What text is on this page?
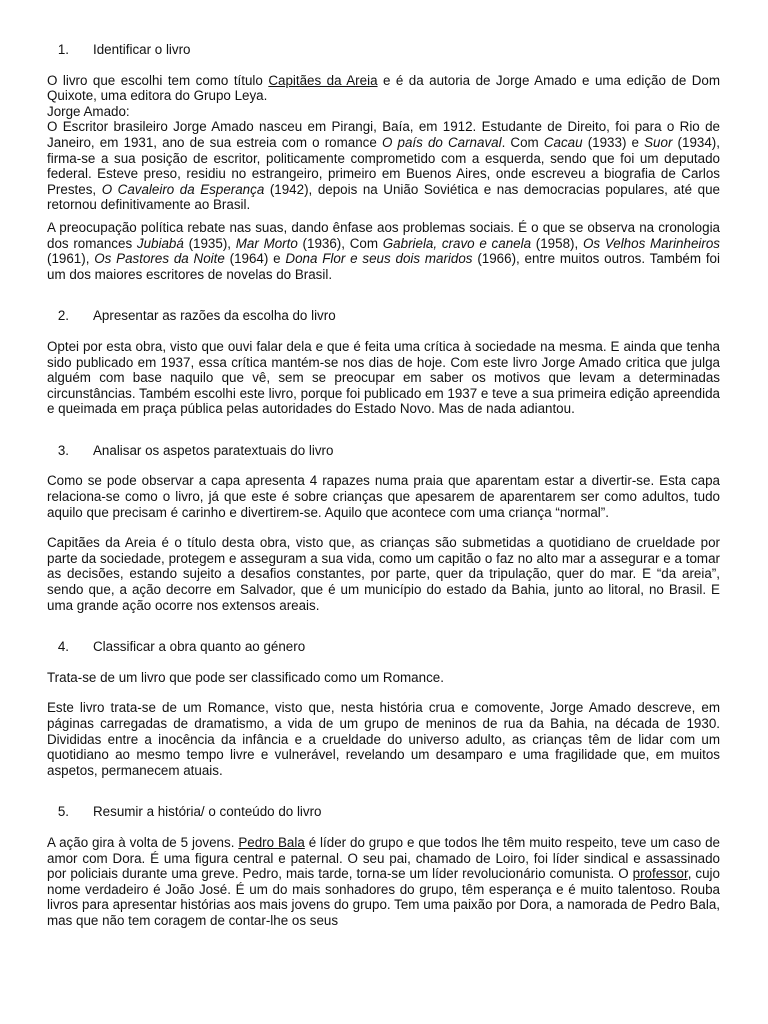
1. Identificar o livro

O livro que escolhi tem como título Capitães da Areia e é da autoria de Jorge Amado e uma edição de Dom Quixote, uma editora do Grupo Leya.

Jorge Amado:

O Escritor brasileiro Jorge Amado nasceu em Pirangi, Baía, em 1912. Estudante de Direito, foi para o Rio de Janeiro, em 1931, ano de sua estreia com o romance O país do Carnaval. Com Cacau (1933) e Suor (1934), firma-se a sua posição de escritor, politicamente comprometido com a esquerda, sendo que foi um deputado federal. Esteve preso, residiu no estrangeiro, primeiro em Buenos Aires, onde escreveu a biografia de Carlos Prestes, O Cavaleiro da Esperança (1942), depois na União Soviética e nas democracias populares, até que retornou definitivamente ao Brasil.

A preocupação política rebate nas suas, dando ênfase aos problemas sociais. É o que se observa na cronologia dos romances Jubiabá (1935), Mar Morto (1936), Com Gabriela, cravo e canela (1958), Os Velhos Marinheiros (1961), Os Pastores da Noite (1964) e Dona Flor e seus dois maridos (1966), entre muitos outros. Também foi um dos maiores escritores de novelas do Brasil.

2. Apresentar as razões da escolha do livro

Optei por esta obra, visto que ouvi falar dela e que é feita uma crítica à sociedade na mesma. E ainda que tenha sido publicado em 1937, essa crítica mantém-se nos dias de hoje. Com este livro Jorge Amado critica que julga alguém com base naquilo que vê, sem se preocupar em saber os motivos que levam a determinadas circunstâncias. Também escolhi este livro, porque foi publicado em 1937 e teve a sua primeira edição apreendida e queimada em praça pública pelas autoridades do Estado Novo. Mas de nada adiantou.

3. Analisar os aspetos paratextuais do livro

Como se pode observar a capa apresenta 4 rapazes numa praia que aparentam estar a divertir-se. Esta capa relaciona-se como o livro, já que este é sobre crianças que apesarem de aparentarem ser como adultos, tudo aquilo que precisam é carinho e divertirem-se. Aquilo que acontece com uma criança “normal”.

Capitães da Areia é o título desta obra, visto que, as crianças são submetidas a quotidiano de crueldade por parte da sociedade, protegem e asseguram a sua vida, como um capitão o faz no alto mar a assegurar e a tomar as decisões, estando sujeito a desafios constantes, por parte, quer da tripulação, quer do mar. E “da areia”, sendo que, a ação decorre em Salvador, que é um município do estado da Bahia, junto ao litoral, no Brasil. E uma grande ação ocorre nos extensos areais.

4. Classificar a obra quanto ao género

Trata-se de um livro que pode ser classificado como um Romance.

Este livro trata-se de um Romance, visto que, nesta história crua e comovente, Jorge Amado descreve, em páginas carregadas de dramatismo, a vida de um grupo de meninos de rua da Bahia, na década de 1930. Divididas entre a inocência da infância e a crueldade do universo adulto, as crianças têm de lidar com um quotidiano ao mesmo tempo livre e vulnerável, revelando um desamparo e uma fragilidade que, em muitos aspetos, permanecem atuais.

5. Resumir a história/ o conteúdo do livro

A ação gira à volta de 5 jovens. Pedro Bala é líder do grupo e que todos lhe têm muito respeito, teve um caso de amor com Dora. É uma figura central e paternal. O seu pai, chamado de Loiro, foi líder sindical e assassinado por policiais durante uma greve. Pedro, mais tarde, torna-se um líder revolucionário comunista. O professor, cujo nome verdadeiro é João José. É um do mais sonhadores do grupo, têm esperança e é muito talentoso. Rouba livros para apresentar histórias aos mais jovens do grupo. Tem uma paixão por Dora, a namorada de Pedro Bala, mas que não tem coragem de contar-lhe os seus
